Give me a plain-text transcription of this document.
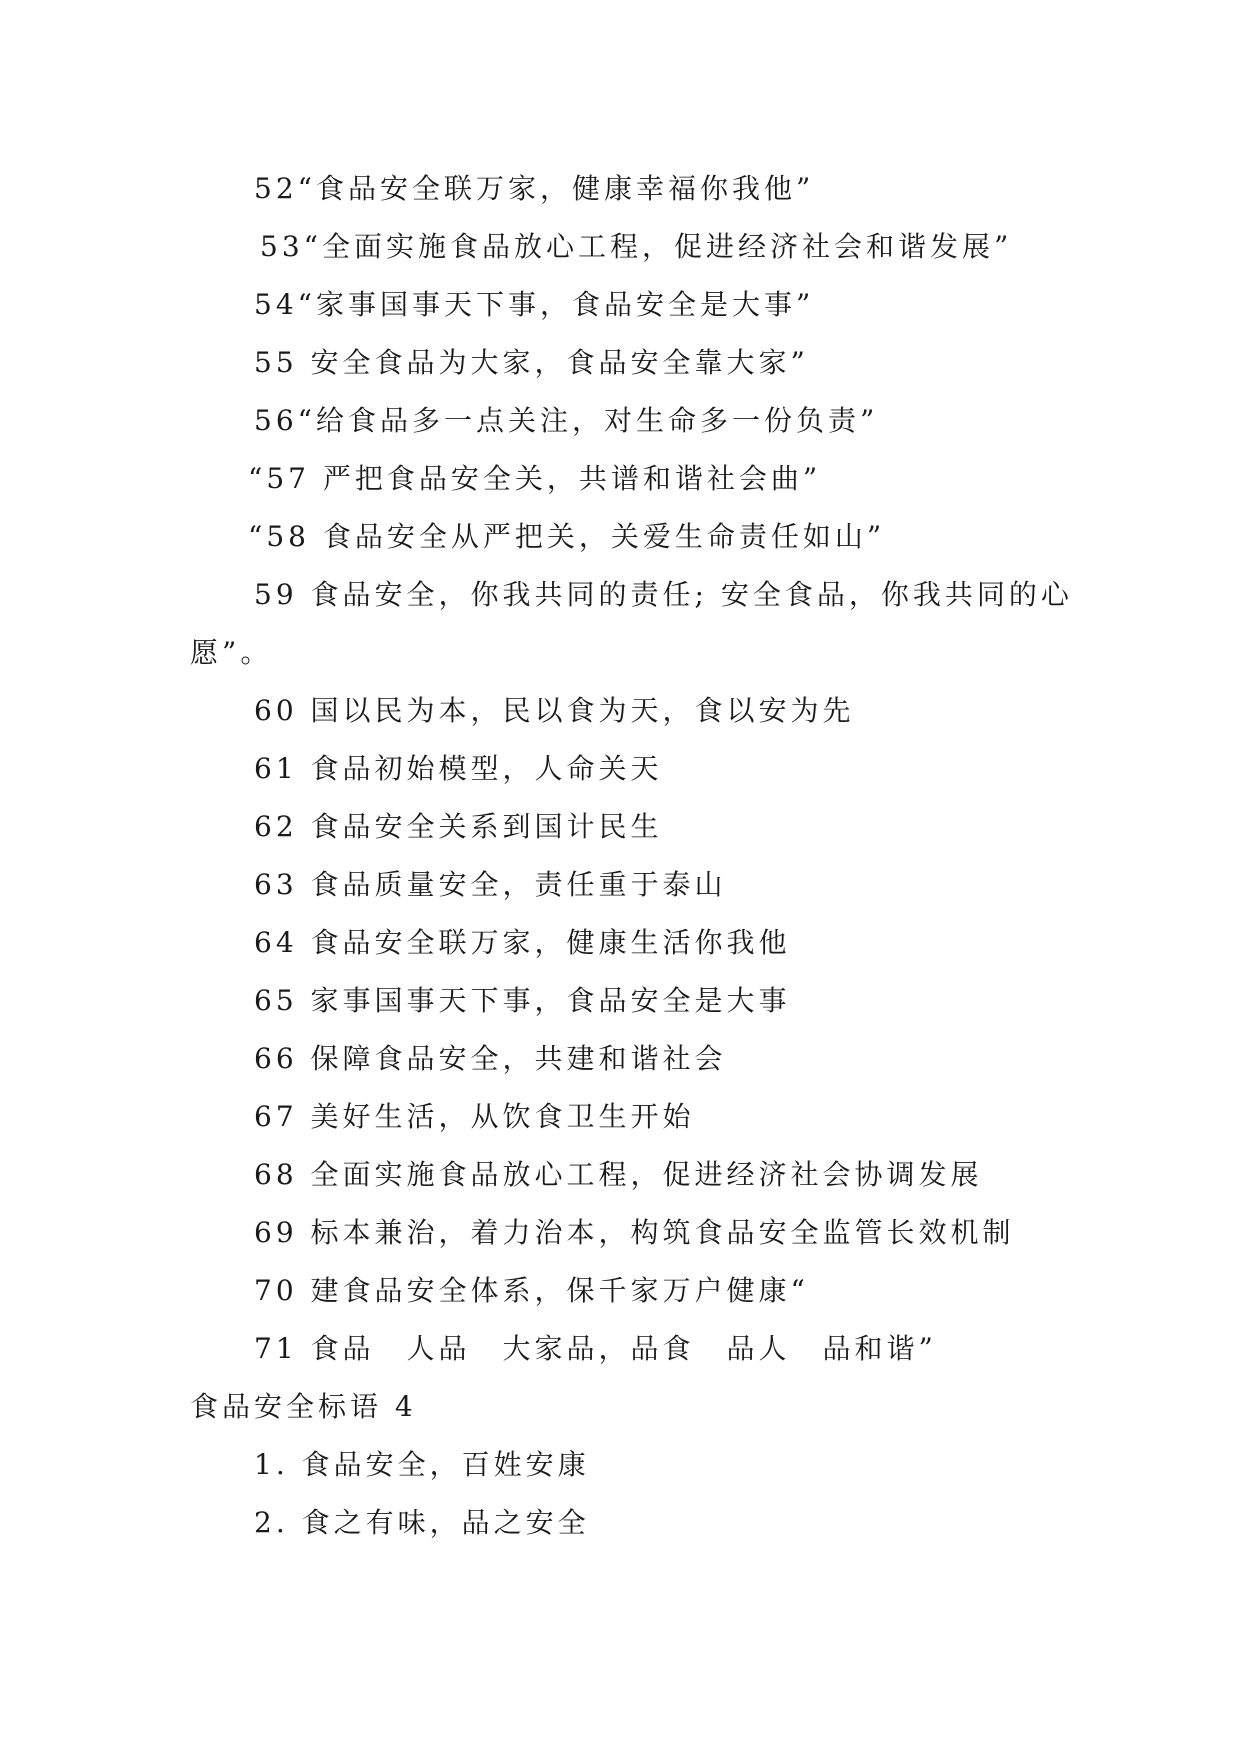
52“食品安全联万家，健康幸福你我他”
53“全面实施食品放心工程，促进经济社会和谐发展”
54“家事国事天下事，食品安全是大事”
55 安全食品为大家，食品安全靠大家”
56“给食品多一点关注，对生命多一份负责”
“57 严把食品安全关，共谱和谐社会曲”
“58 食品安全从严把关，关爱生命责任如山”
59 食品安全，你我共同的责任; 安全食品，你我共同的心愿”。
60 国以民为本，民以食为天，食以安为先
61 食品初始模型，人命关天
62 食品安全关系到国计民生
63 食品质量安全，责任重于泰山
64 食品安全联万家，健康生活你我他
65 家事国事天下事，食品安全是大事
66 保障食品安全，共建和谐社会
67 美好生活，从饮食卫生开始
68 全面实施食品放心工程，促进经济社会协调发展
69 标本兼治，着力治本，构筑食品安全监管长效机制
70 建食品安全体系，保千家万户健康“
71 食品　人品　大家品，品食　品人　品和谐”
食品安全标语 4
1. 食品安全，百姓安康
2. 食之有味，品之安全
